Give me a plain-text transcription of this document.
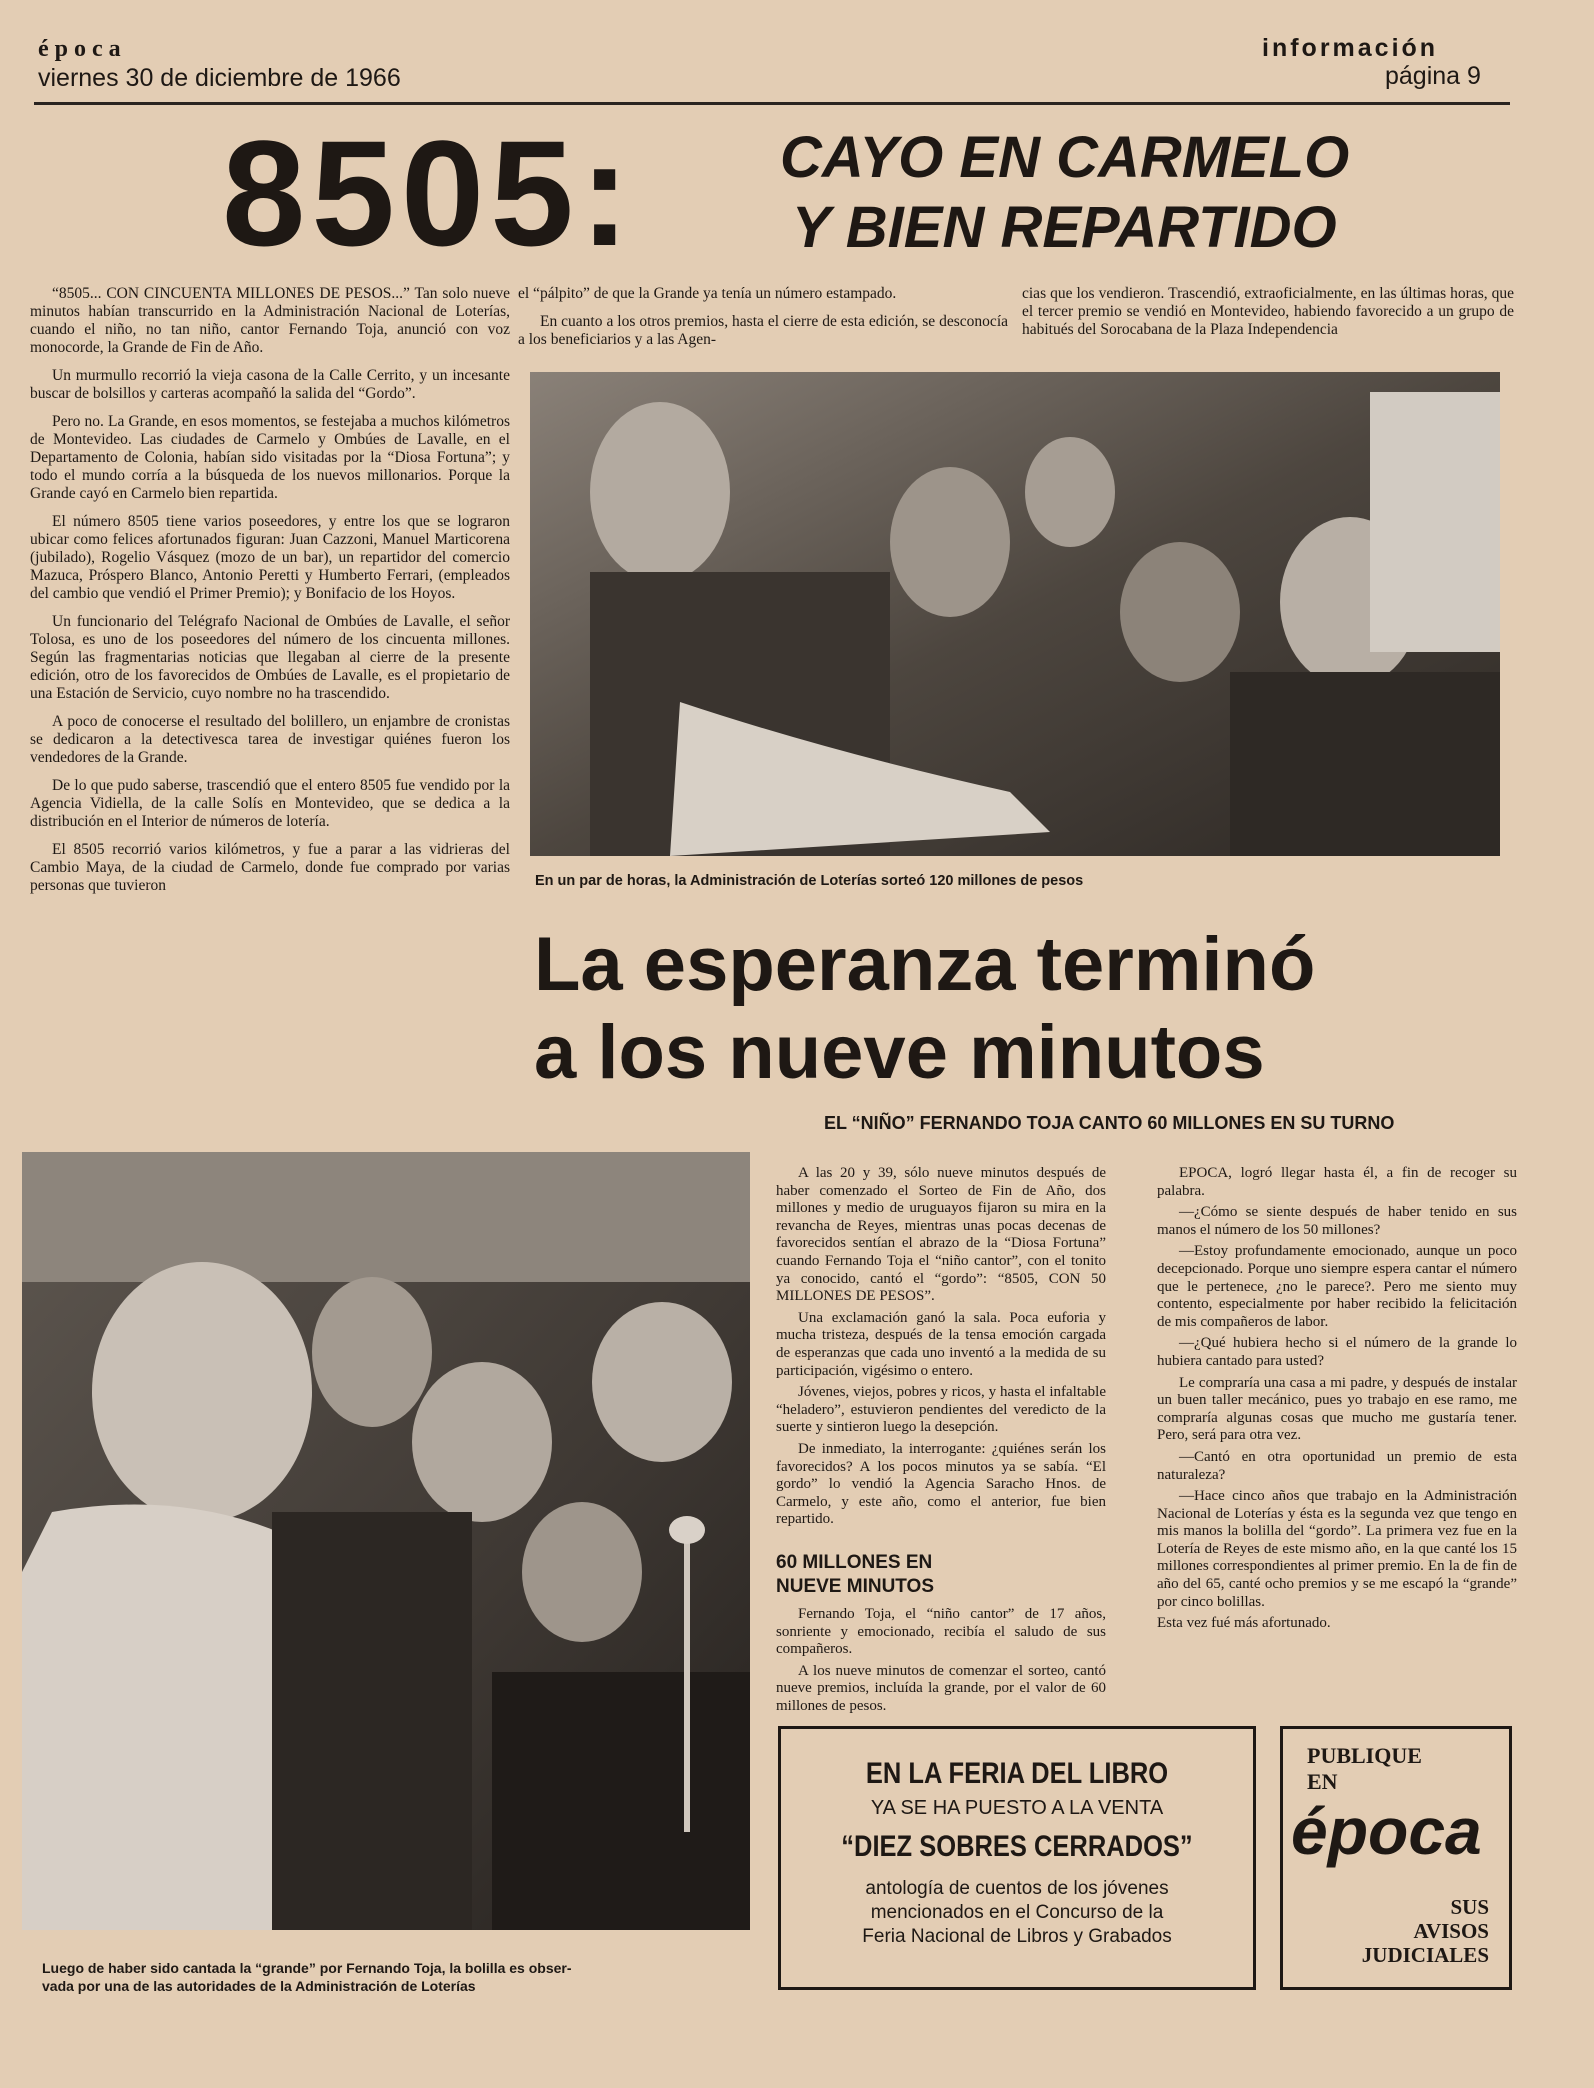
época
viernes 30 de diciembre de 1966
información
página 9
8505: CAYO EN CARMELO
Y BIEN REPARTIDO

“8505... CON CINCUENTA MILLONES DE PESOS...” Tan solo nueve minutos habían transcurrido en la Administración Nacional de Loterías, cuando el niño, no tan niño, cantor Fernando Toja, anunció con voz monocorde, la Grande de Fin de Año.

Un murmullo recorrió la vieja casona de la Calle Cerrito, y un incesante buscar de bolsillos y carteras acompañó la salida del “Gordo”.

Pero no. La Grande, en esos momentos, se festejaba a muchos kilómetros de Montevideo. Las ciudades de Carmelo y Ombúes de Lavalle, en el Departamento de Colonia, habían sido visitadas por la “Diosa Fortuna”; y todo el mundo corría a la búsqueda de los nuevos millonarios. Porque la Grande cayó en Carmelo bien repartida.

El número 8505 tiene varios poseedores, y entre los que se lograron ubicar como felices afortunados figuran: Juan Cazzoni, Manuel Marticorena (jubilado), Rogelio Vásquez (mozo de un bar), un repartidor del comercio Mazuca, Próspero Blanco, Antonio Peretti y Humberto Ferrari, (empleados del cambio que vendió el Primer Premio); y Bonifacio de los Hoyos.

Un funcionario del Telégrafo Nacional de Ombúes de Lavalle, el señor Tolosa, es uno de los poseedores del número de los cincuenta millones. Según las fragmentarias noticias que llegaban al cierre de la presente edición, otro de los favorecidos de Ombúes de Lavalle, es el propietario de una Estación de Servicio, cuyo nombre no ha trascendido.

A poco de conocerse el resultado del bolillero, un enjambre de cronistas se dedicaron a la detectivesca tarea de investigar quiénes fueron los vendedores de la Grande.

De lo que pudo saberse, trascendió que el entero 8505 fue vendido por la Agencia Vidiella, de la calle Solís en Montevideo, que se dedica a la distribución en el Interior de números de lotería.

El 8505 recorrió varios kilómetros, y fue a parar a las vidrieras del Cambio Maya, de la ciudad de Carmelo, donde fue comprado por varias personas que tuvieron

el “pálpito” de que la Grande ya tenía un número estampado.

En cuanto a los otros premios, hasta el cierre de esta edición, se desconocía a los beneficiarios y a las Agen-

cias que los vendieron. Trascendió, extraoficialmente, en las últimas horas, que el tercer premio se vendió en Montevideo, habiendo favorecido a un grupo de habitués del Sorocabana de la Plaza Independencia

En un par de horas, la Administración de Loterías sorteó 120 millones de pesos
La esperanza terminó
a los nueve minutos
EL “NIÑO” FERNANDO TOJA CANTO 60 MILLONES EN SU TURNO
Luego de haber sido cantada la “grande” por Fernando Toja, la bolilla es obser-
vada por una de las autoridades de la Administración de Loterías

A las 20 y 39, sólo nueve minutos después de haber comenzado el Sorteo de Fin de Año, dos millones y medio de uruguayos fijaron su mira en la revancha de Reyes, mientras unas pocas decenas de favorecidos sentían el abrazo de la “Diosa Fortuna” cuando Fernando Toja el “niño cantor”, con el tonito ya conocido, cantó el “gordo”: “8505, CON 50 MILLONES DE PESOS”.

Una exclamación ganó la sala. Poca euforia y mucha tristeza, después de la tensa emoción cargada de esperanzas que cada uno inventó a la medida de su participación, vigésimo o entero.

Jóvenes, viejos, pobres y ricos, y hasta el infaltable “heladero”, estuvieron pendientes del veredicto de la suerte y sintieron luego la desepción.

De inmediato, la interrogante: ¿quiénes serán los favorecidos? A los pocos minutos ya se sabía. “El gordo” lo vendió la Agencia Saracho Hnos. de Carmelo, y este año, como el anterior, fue bien repartido.

60 MILLONES EN
NUEVE MINUTOS

Fernando Toja, el “niño cantor” de 17 años, sonriente y emocionado, recibía el saludo de sus compañeros.

A los nueve minutos de comenzar el sorteo, cantó nueve premios, incluída la grande, por el valor de 60 millones de pesos.

EPOCA, logró llegar hasta él, a fin de recoger su palabra.

—¿Cómo se siente después de haber tenido en sus manos el número de los 50 millones?

—Estoy profundamente emocionado, aunque un poco decepcionado. Porque uno siempre espera cantar el número que le pertenece, ¿no le parece?. Pero me siento muy contento, especialmente por haber recibido la felicitación de mis compañeros de labor.

—¿Qué hubiera hecho si el número de la grande lo hubiera cantado para usted?

Le compraría una casa a mi padre, y después de instalar un buen taller mecánico, pues yo trabajo en ese ramo, me compraría algunas cosas que mucho me gustaría tener. Pero, será para otra vez.

—Cantó en otra oportunidad un premio de esta naturaleza?

—Hace cinco años que trabajo en la Administración Nacional de Loterías y ésta es la segunda vez que tengo en mis manos la bolilla del “gordo”. La primera vez fue en la Lotería de Reyes de este mismo año, en la que canté los 15 millones correspondientes al primer premio. En la de fin de año del 65, canté ocho premios y se me escapó la “grande” por cinco bolillas.

Esta vez fué más afortunado.

EN LA FERIA DEL LIBRO
YA SE HA PUESTO A LA VENTA
“DIEZ SOBRES CERRADOS”
antología de cuentos de los jóvenes
mencionados en el Concurso de la
Feria Nacional de Libros y Grabados
PUBLIQUE
EN
época
SUS
AVISOS
JUDICIALES
